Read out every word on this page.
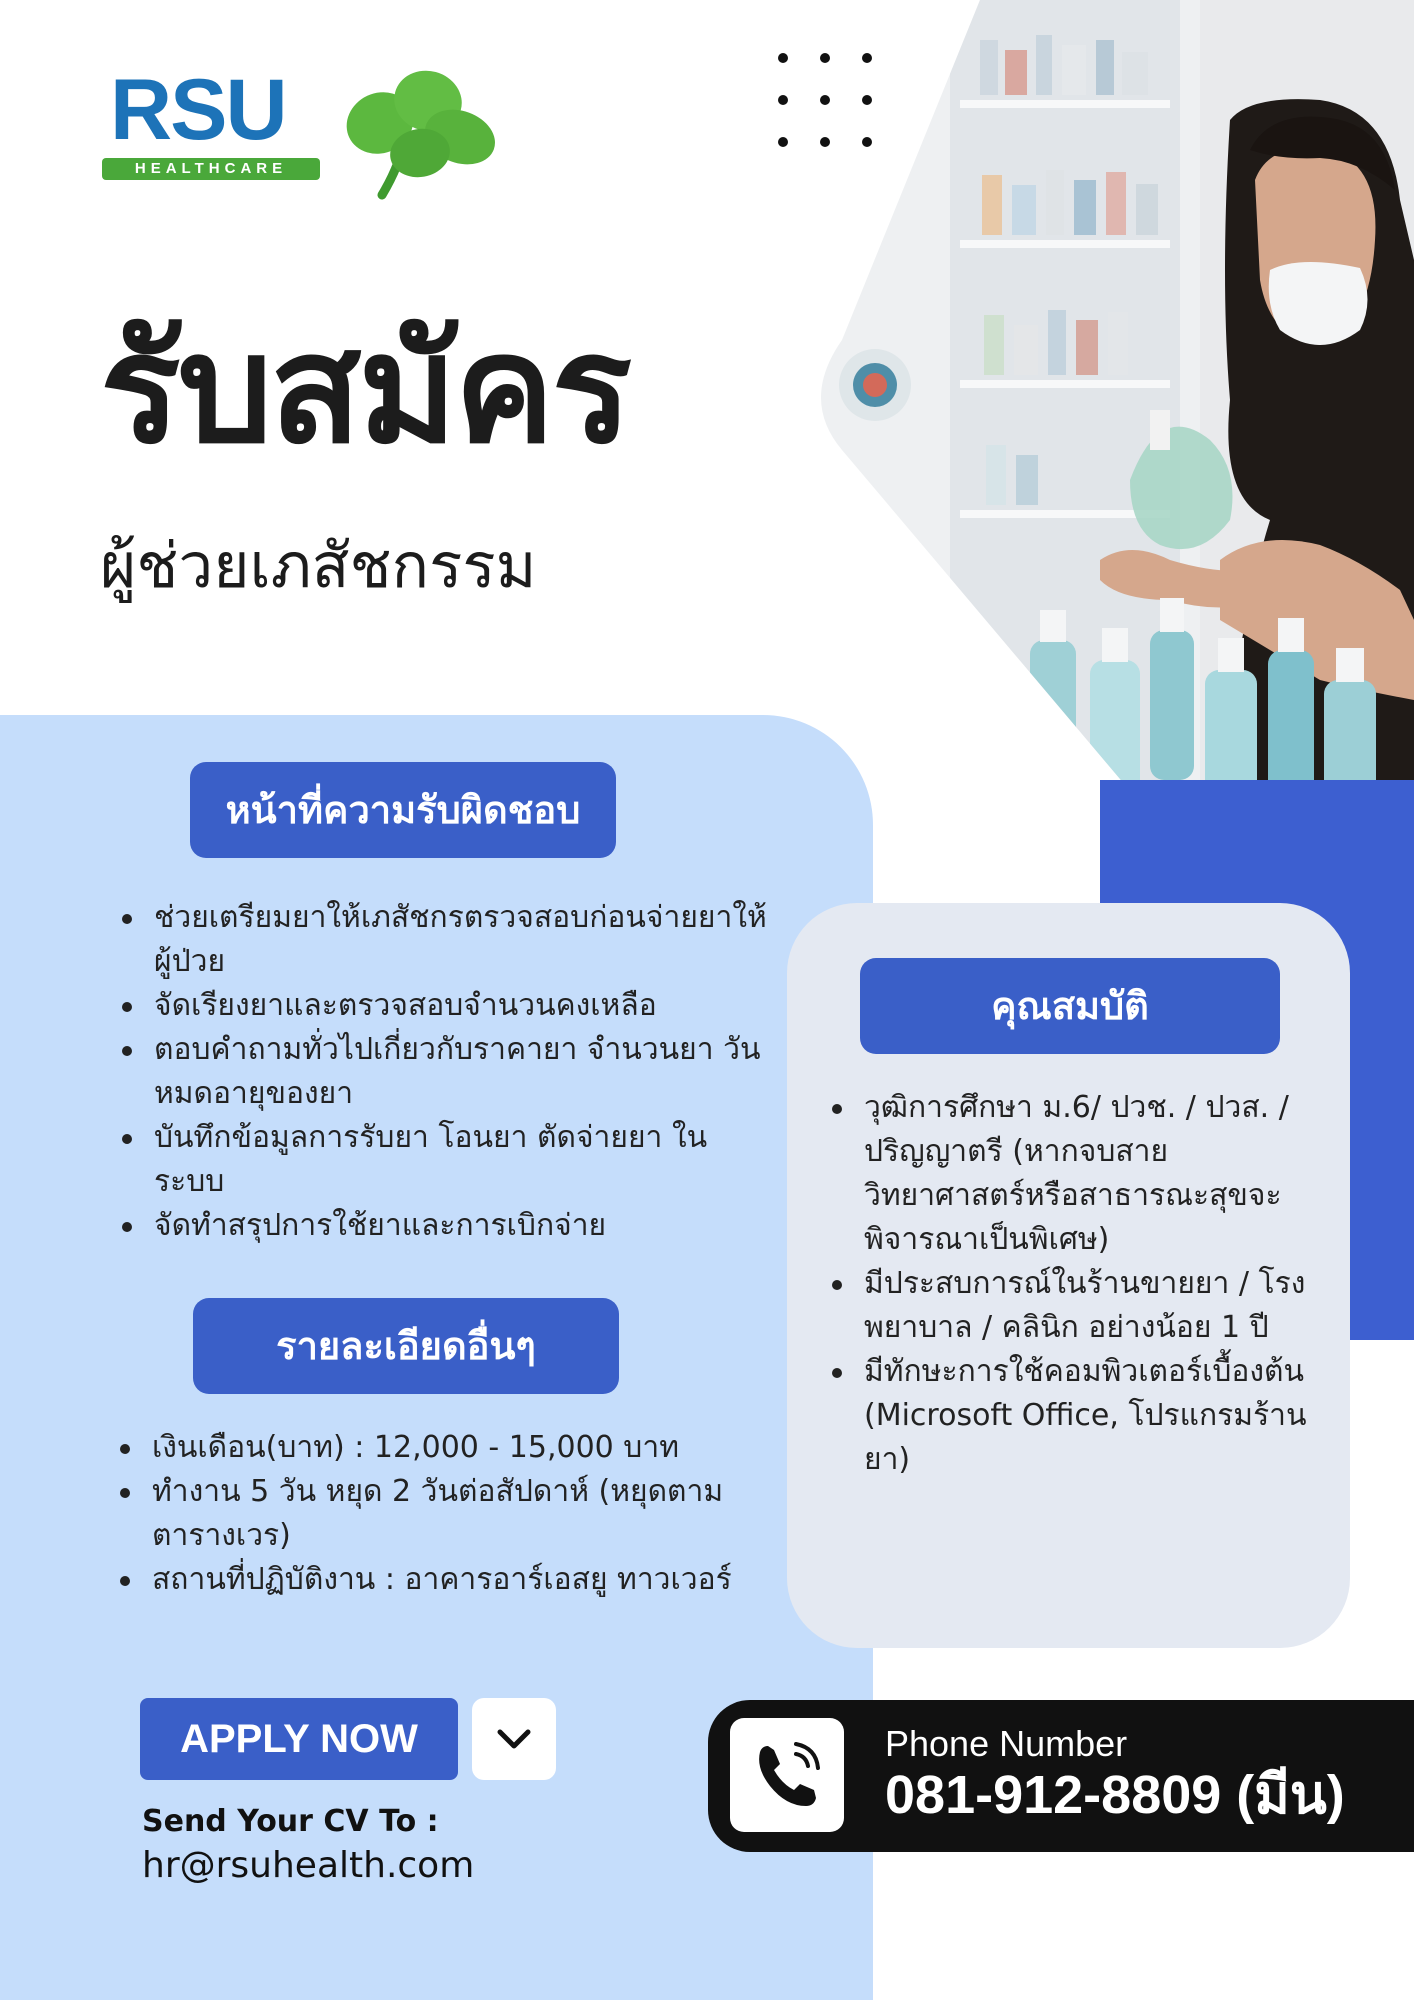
RSU
HEALTHCARE
รับสมัคร
ผู้ช่วยเภสัชกรรม
หน้าที่ความรับผิดชอบ
ช่วยเตรียมยาให้เภสัชกรตรวจสอบก่อนจ่ายยาให้ผู้ป่วย
จัดเรียงยาและตรวจสอบจำนวนคงเหลือ
ตอบคำถามทั่วไปเกี่ยวกับราคายา จำนวนยา วันหมดอายุของยา
บันทึกข้อมูลการรับยา โอนยา ตัดจ่ายยา ในระบบ
จัดทำสรุปการใช้ยาและการเบิกจ่าย
รายละเอียดอื่นๆ
เงินเดือน(บาท) : 12,000 - 15,000 บาท
ทำงาน 5 วัน หยุด 2 วันต่อสัปดาห์ (หยุดตามตารางเวร)
สถานที่ปฏิบัติงาน : อาคารอาร์เอสยู ทาวเวอร์
คุณสมบัติ
วุฒิการศึกษา ม.6/ ปวช. / ปวส. / ปริญญาตรี (หากจบสายวิทยาศาสตร์หรือสาธารณะสุขจะพิจารณาเป็นพิเศษ)
มีประสบการณ์ในร้านขายยา / โรงพยาบาล / คลินิก อย่างน้อย 1 ปี
มีทักษะการใช้คอมพิวเตอร์เบื้องต้น (Microsoft Office, โปรแกรมร้านยา)
APPLY NOW
Send Your CV To :
hr@rsuhealth.com
Phone Number
081-912-8809 (มีน)
